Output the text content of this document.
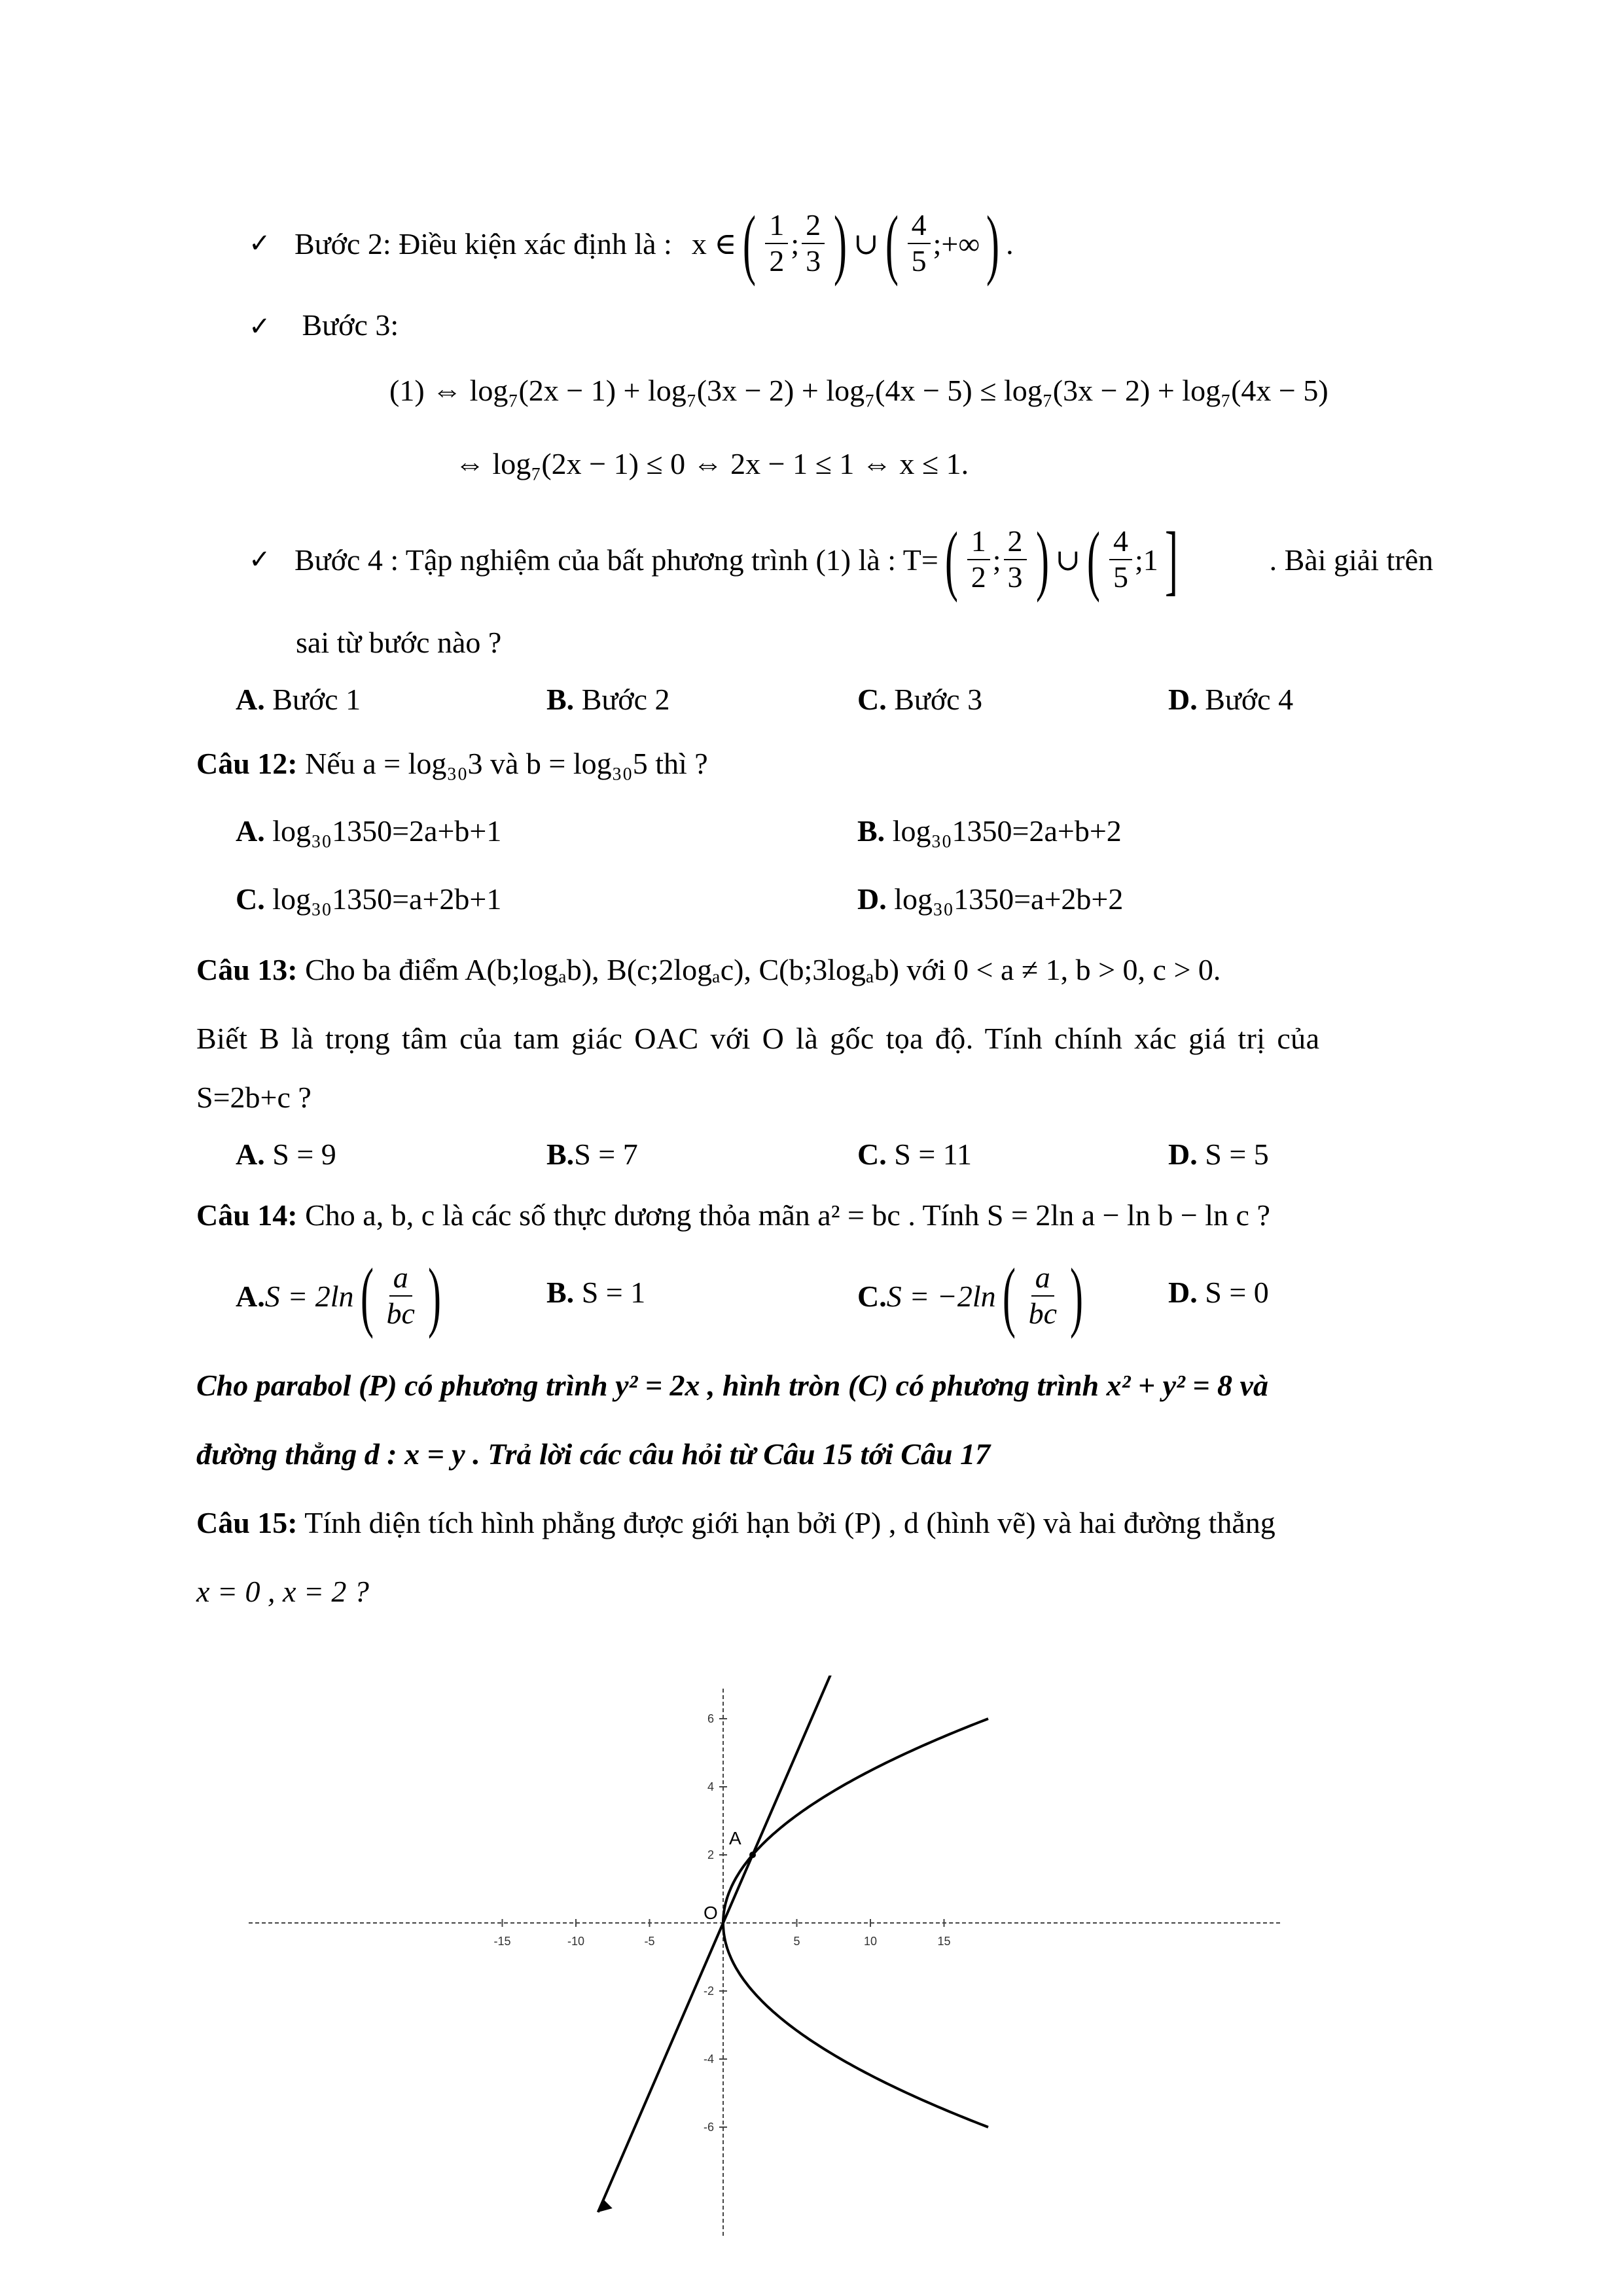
✓ Bước 2: Điều kiện xác định là : x ∈ ( $\frac{1}{2}$ ; $\frac{2}{3}$ ) ∪ ( $\frac{4}{5}$ ;+∞ ) .
✓ Bước 3:
(1) ⇔ log₇(2x − 1) + log₇(3x − 2) + log₇(4x − 5) ≤ log₇(3x − 2) + log₇(4x − 5)
⇔ log₇(2x − 1) ≤ 0 ⇔ 2x − 1 ≤ 1 ⇔ x ≤ 1.
✓ Bước 4 : Tập nghiệm của bất phương trình (1) là : T= ( $\frac{1}{2}$ ; $\frac{2}{3}$ ) ∪ ( $\frac{4}{5}$ ;1 ]	. Bài giải trên
sai từ bước nào ?
A. Bước 1	B. Bước 2	C. Bước 3	D. Bước 4
Câu 12: Nếu a = log₃₀3 và b = log₃₀5 thì ?
A. log₃₀1350=2a+b+1	B. log₃₀1350=2a+b+2
C. log₃₀1350=a+2b+1	D. log₃₀1350=a+2b+2
Câu 13: Cho ba điểm A(b;logₐb), B(c;2logₐc), C(b;3logₐb) với 0 < a ≠ 1, b > 0, c > 0.
Biết B là trọng tâm của tam giác OAC với O là gốc tọa độ. Tính chính xác giá trị của
S=2b+c ?
A. S = 9	B.S = 7	C. S = 11	D. S = 5
Câu 14: Cho a, b, c là các số thực dương thỏa mãn a² = bc . Tính S = 2ln a − ln b − ln c ?
A. S = 2ln ( $\frac{a}{bc}$ )	B. S = 1	C. S = −2ln ( $\frac{a}{bc}$ )	D. S = 0
Cho parabol (P) có phương trình y² = 2x , hình tròn (C) có phương trình x² + y² = 8 và
đường thẳng d : x = y . Trả lời các câu hỏi từ Câu 15 tới Câu 17
Câu 15: Tính diện tích hình phẳng được giới hạn bởi (P) , d (hình vẽ) và hai đường thẳng
x = 0 , x = 2 ?
-15	-10	-5	5	10	15
6
4
2
-2
-4
-6
A
O
